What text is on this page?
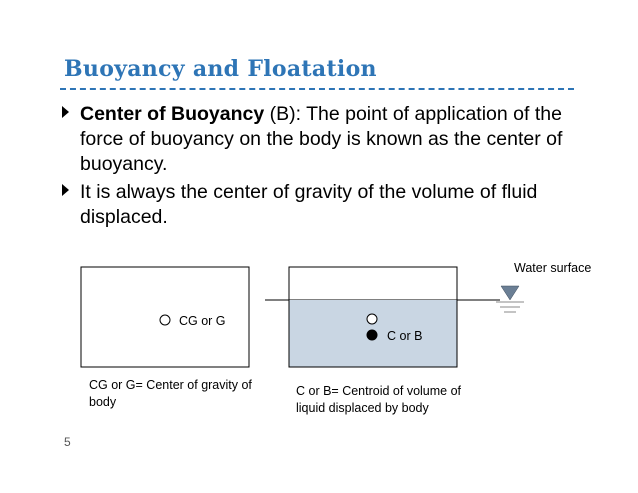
Buoyancy and Floatation
Center of Buoyancy (B): The point of application of the force of buoyancy on the body is known as the center of buoyancy.
It is always the center of gravity of the volume of fluid displaced.
Water surface
CG or G
C or B
CG or G= Center of gravity of body
C or B= Centroid of volume of liquid displaced by body
5
